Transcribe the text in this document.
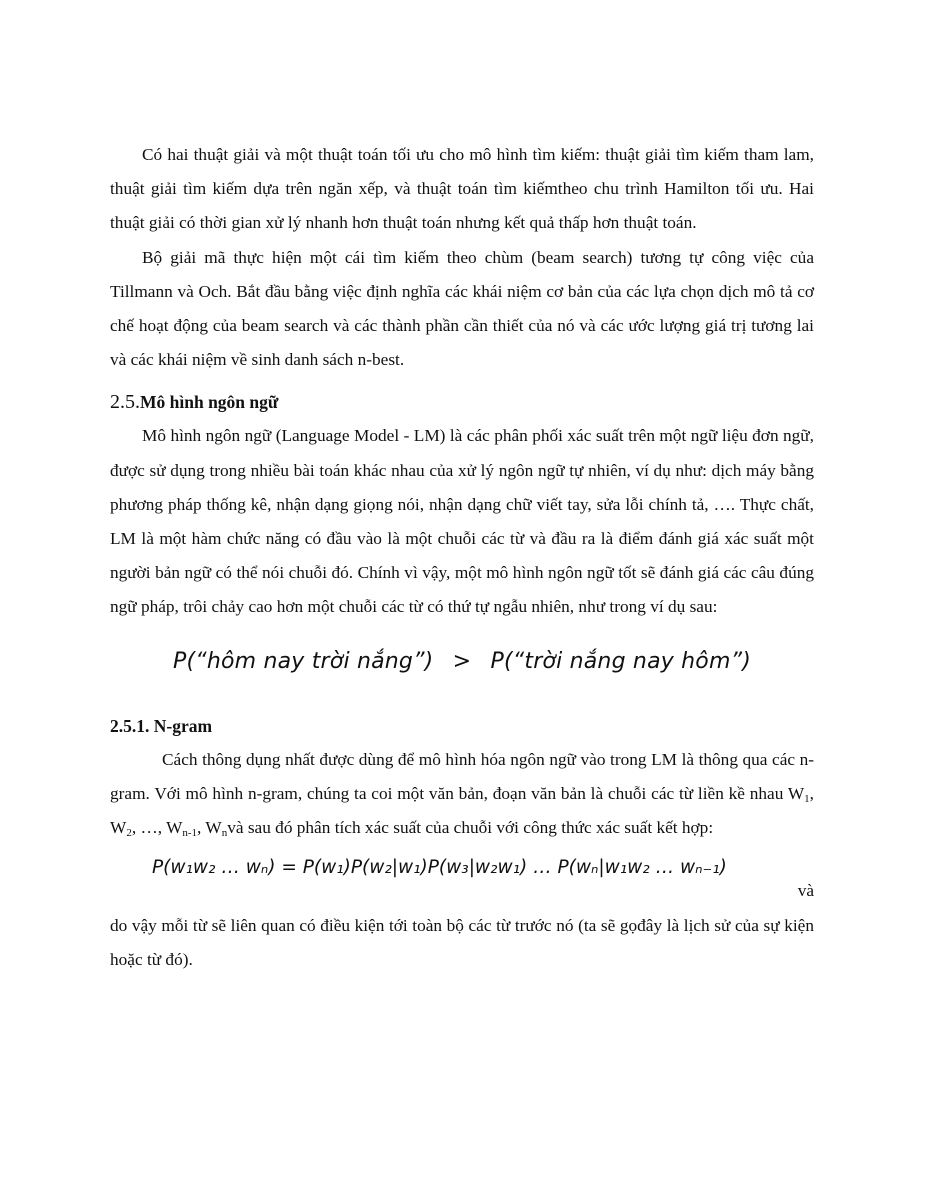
Có hai thuật giải và một thuật toán tối ưu cho mô hình tìm kiếm: thuật giải tìm kiếm tham lam, thuật giải tìm kiếm dựa trên ngăn xếp, và thuật toán tìm kiếmtheo chu trình Hamilton tối ưu. Hai thuật giải có thời gian xử lý nhanh hơn thuật toán nhưng kết quả thấp hơn thuật toán.

Bộ giải mã thực hiện một cái tìm kiếm theo chùm (beam search) tương tự công việc của Tillmann và Och. Bắt đầu bằng việc định nghĩa các khái niệm cơ bản của các lựa chọn dịch mô tả cơ chế hoạt động của beam search và các thành phần cần thiết của nó và các ước lượng giá trị tương lai và các khái niệm về sinh danh sách n-best.

2.5.Mô hình ngôn ngữ

Mô hình ngôn ngữ (Language Model - LM) là các phân phối xác suất trên một ngữ liệu đơn ngữ, được sử dụng trong nhiều bài toán khác nhau của xử lý ngôn ngữ tự nhiên, ví dụ như: dịch máy bằng phương pháp thống kê, nhận dạng giọng nói, nhận dạng chữ viết tay, sửa lỗi chính tả, …. Thực chất, LM là một hàm chức năng có đầu vào là một chuỗi các từ và đầu ra là điểm đánh giá xác suất một người bản ngữ có thể nói chuỗi đó. Chính vì vậy, một mô hình ngôn ngữ tốt sẽ đánh giá các câu đúng ngữ pháp, trôi chảy cao hơn một chuỗi các từ có thứ tự ngẫu nhiên, như trong ví dụ sau:

P(“hôm nay trời nắng”) > P(“trời nắng nay hôm”)
2.5.1. N-gram

Cách thông dụng nhất được dùng để mô hình hóa ngôn ngữ vào trong LM là thông qua các n-gram. Với mô hình n-gram, chúng ta coi một văn bản, đoạn văn bản là chuỗi các từ liền kề nhau $W_1$, $W_2$, …, $W_{n-1}$, $W_nvà$ sau đó phân tích xác suất của chuỗi với công thức xác suất kết hợp:

P(w₁w₂ … wₙ) = P(w₁)P(w₂|w₁)P(w₃|w₂w₁) … P(wₙ|w₁w₂ … wₙ₋₁)
và

do vậy mỗi từ sẽ liên quan có điều kiện tới toàn bộ các từ trước nó (ta sẽ gọđây là lịch sử của sự kiện hoặc từ đó).
